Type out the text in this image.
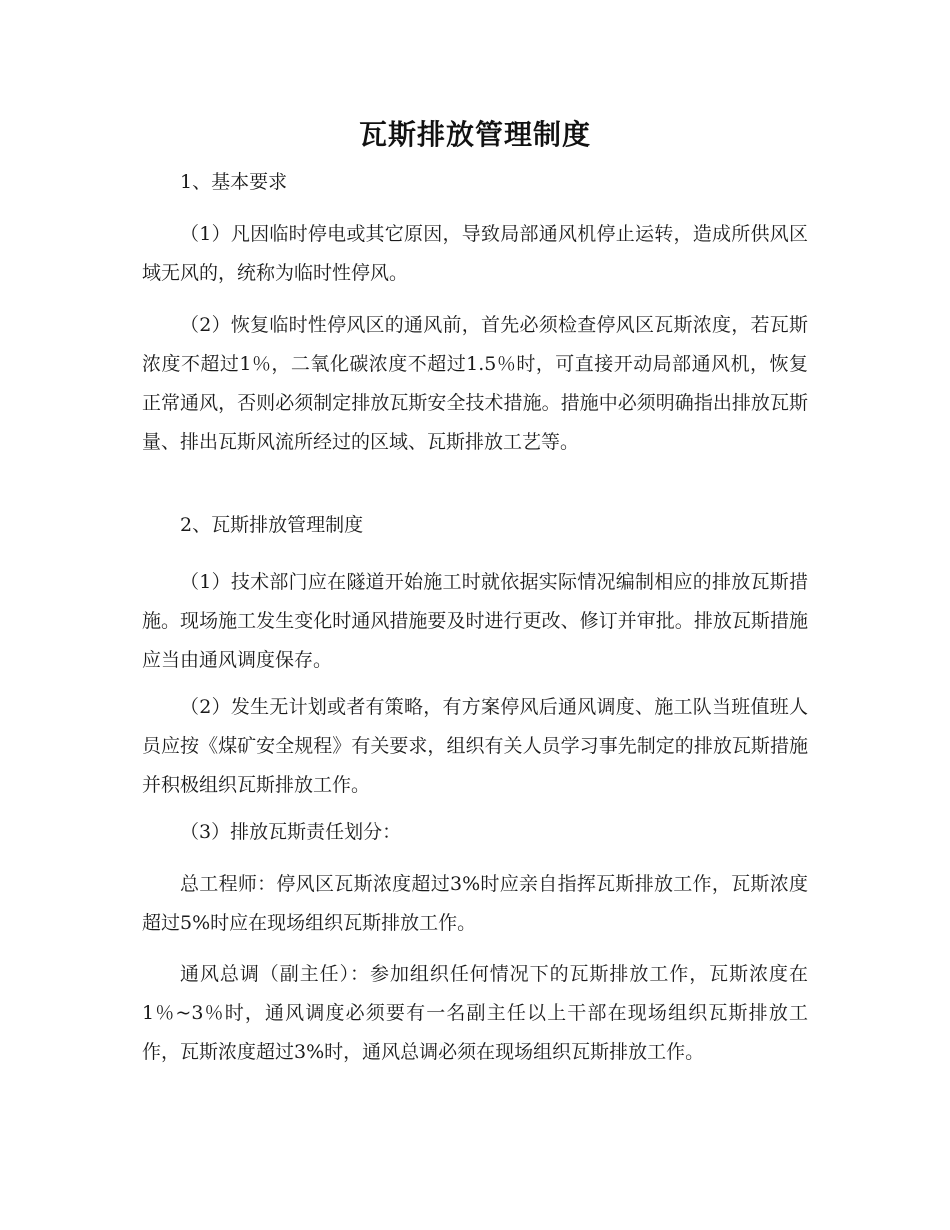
瓦斯排放管理制度

1、基本要求

（1）凡因临时停电或其它原因，导致局部通风机停止运转，造成所供风区域无风的，统称为临时性停风。

（2）恢复临时性停风区的通风前，首先必须检查停风区瓦斯浓度，若瓦斯浓度不超过1％，二氧化碳浓度不超过1.5％时，可直接开动局部通风机，恢复正常通风，否则必须制定排放瓦斯安全技术措施。措施中必须明确指出排放瓦斯量、排出瓦斯风流所经过的区域、瓦斯排放工艺等。

2、瓦斯排放管理制度

（1）技术部门应在隧道开始施工时就依据实际情况编制相应的排放瓦斯措施。现场施工发生变化时通风措施要及时进行更改、修订并审批。排放瓦斯措施应当由通风调度保存。

（2）发生无计划或者有策略，有方案停风后通风调度、施工队当班值班人员应按《煤矿安全规程》有关要求，组织有关人员学习事先制定的排放瓦斯措施并积极组织瓦斯排放工作。

（3）排放瓦斯责任划分：

总工程师：停风区瓦斯浓度超过3%时应亲自指挥瓦斯排放工作，瓦斯浓度超过5%时应在现场组织瓦斯排放工作。

通风总调（副主任）：参加组织任何情况下的瓦斯排放工作，瓦斯浓度在1％~3％时，通风调度必须要有一名副主任以上干部在现场组织瓦斯排放工作，瓦斯浓度超过3%时，通风总调必须在现场组织瓦斯排放工作。
